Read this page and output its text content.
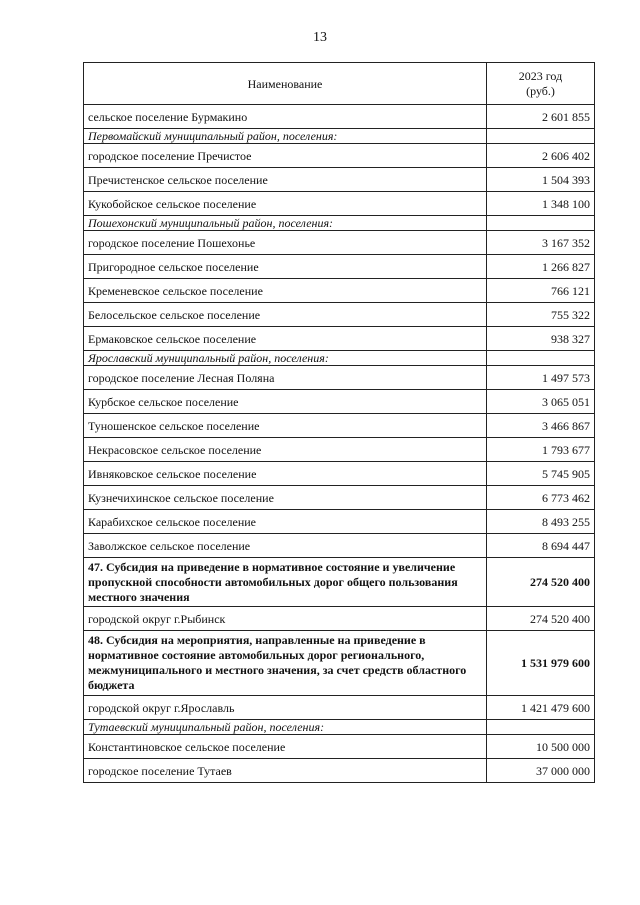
13
Наименование	2023 год
(руб.)
сельское поселение Бурмакино	2 601 855
Первомайский муниципальный район, поселения:	
городское поселение Пречистое	2 606 402
Пречистенское сельское поселение	1 504 393
Кукобойское сельское поселение	1 348 100
Пошехонский муниципальный район, поселения:	
городское поселение Пошехонье	3 167 352
Пригородное сельское поселение	1 266 827
Кременевское сельское поселение	766 121
Белосельское сельское поселение	755 322
Ермаковское сельское поселение	938 327
Ярославский муниципальный район, поселения:	
городское поселение Лесная Поляна	1 497 573
Курбское сельское поселение	3 065 051
Туношенское сельское поселение	3 466 867
Некрасовское сельское поселение	1 793 677
Ивняковское сельское поселение	5 745 905
Кузнечихинское сельское поселение	6 773 462
Карабихское сельское поселение	8 493 255
Заволжское сельское поселение	8 694 447
47. Субсидия на приведение в нормативное состояние и увеличение пропускной способности автомобильных дорог общего пользования местного значения	274 520 400
городской округ г.Рыбинск	274 520 400
48. Субсидия на мероприятия, направленные на приведение в нормативное состояние автомобильных дорог регионального, межмуниципального и местного значения, за счет средств областного бюджета	1 531 979 600
городской округ г.Ярославль	1 421 479 600
Тутаевский муниципальный район, поселения:	
Константиновское сельское поселение	10 500 000
городское поселение Тутаев	37 000 000
